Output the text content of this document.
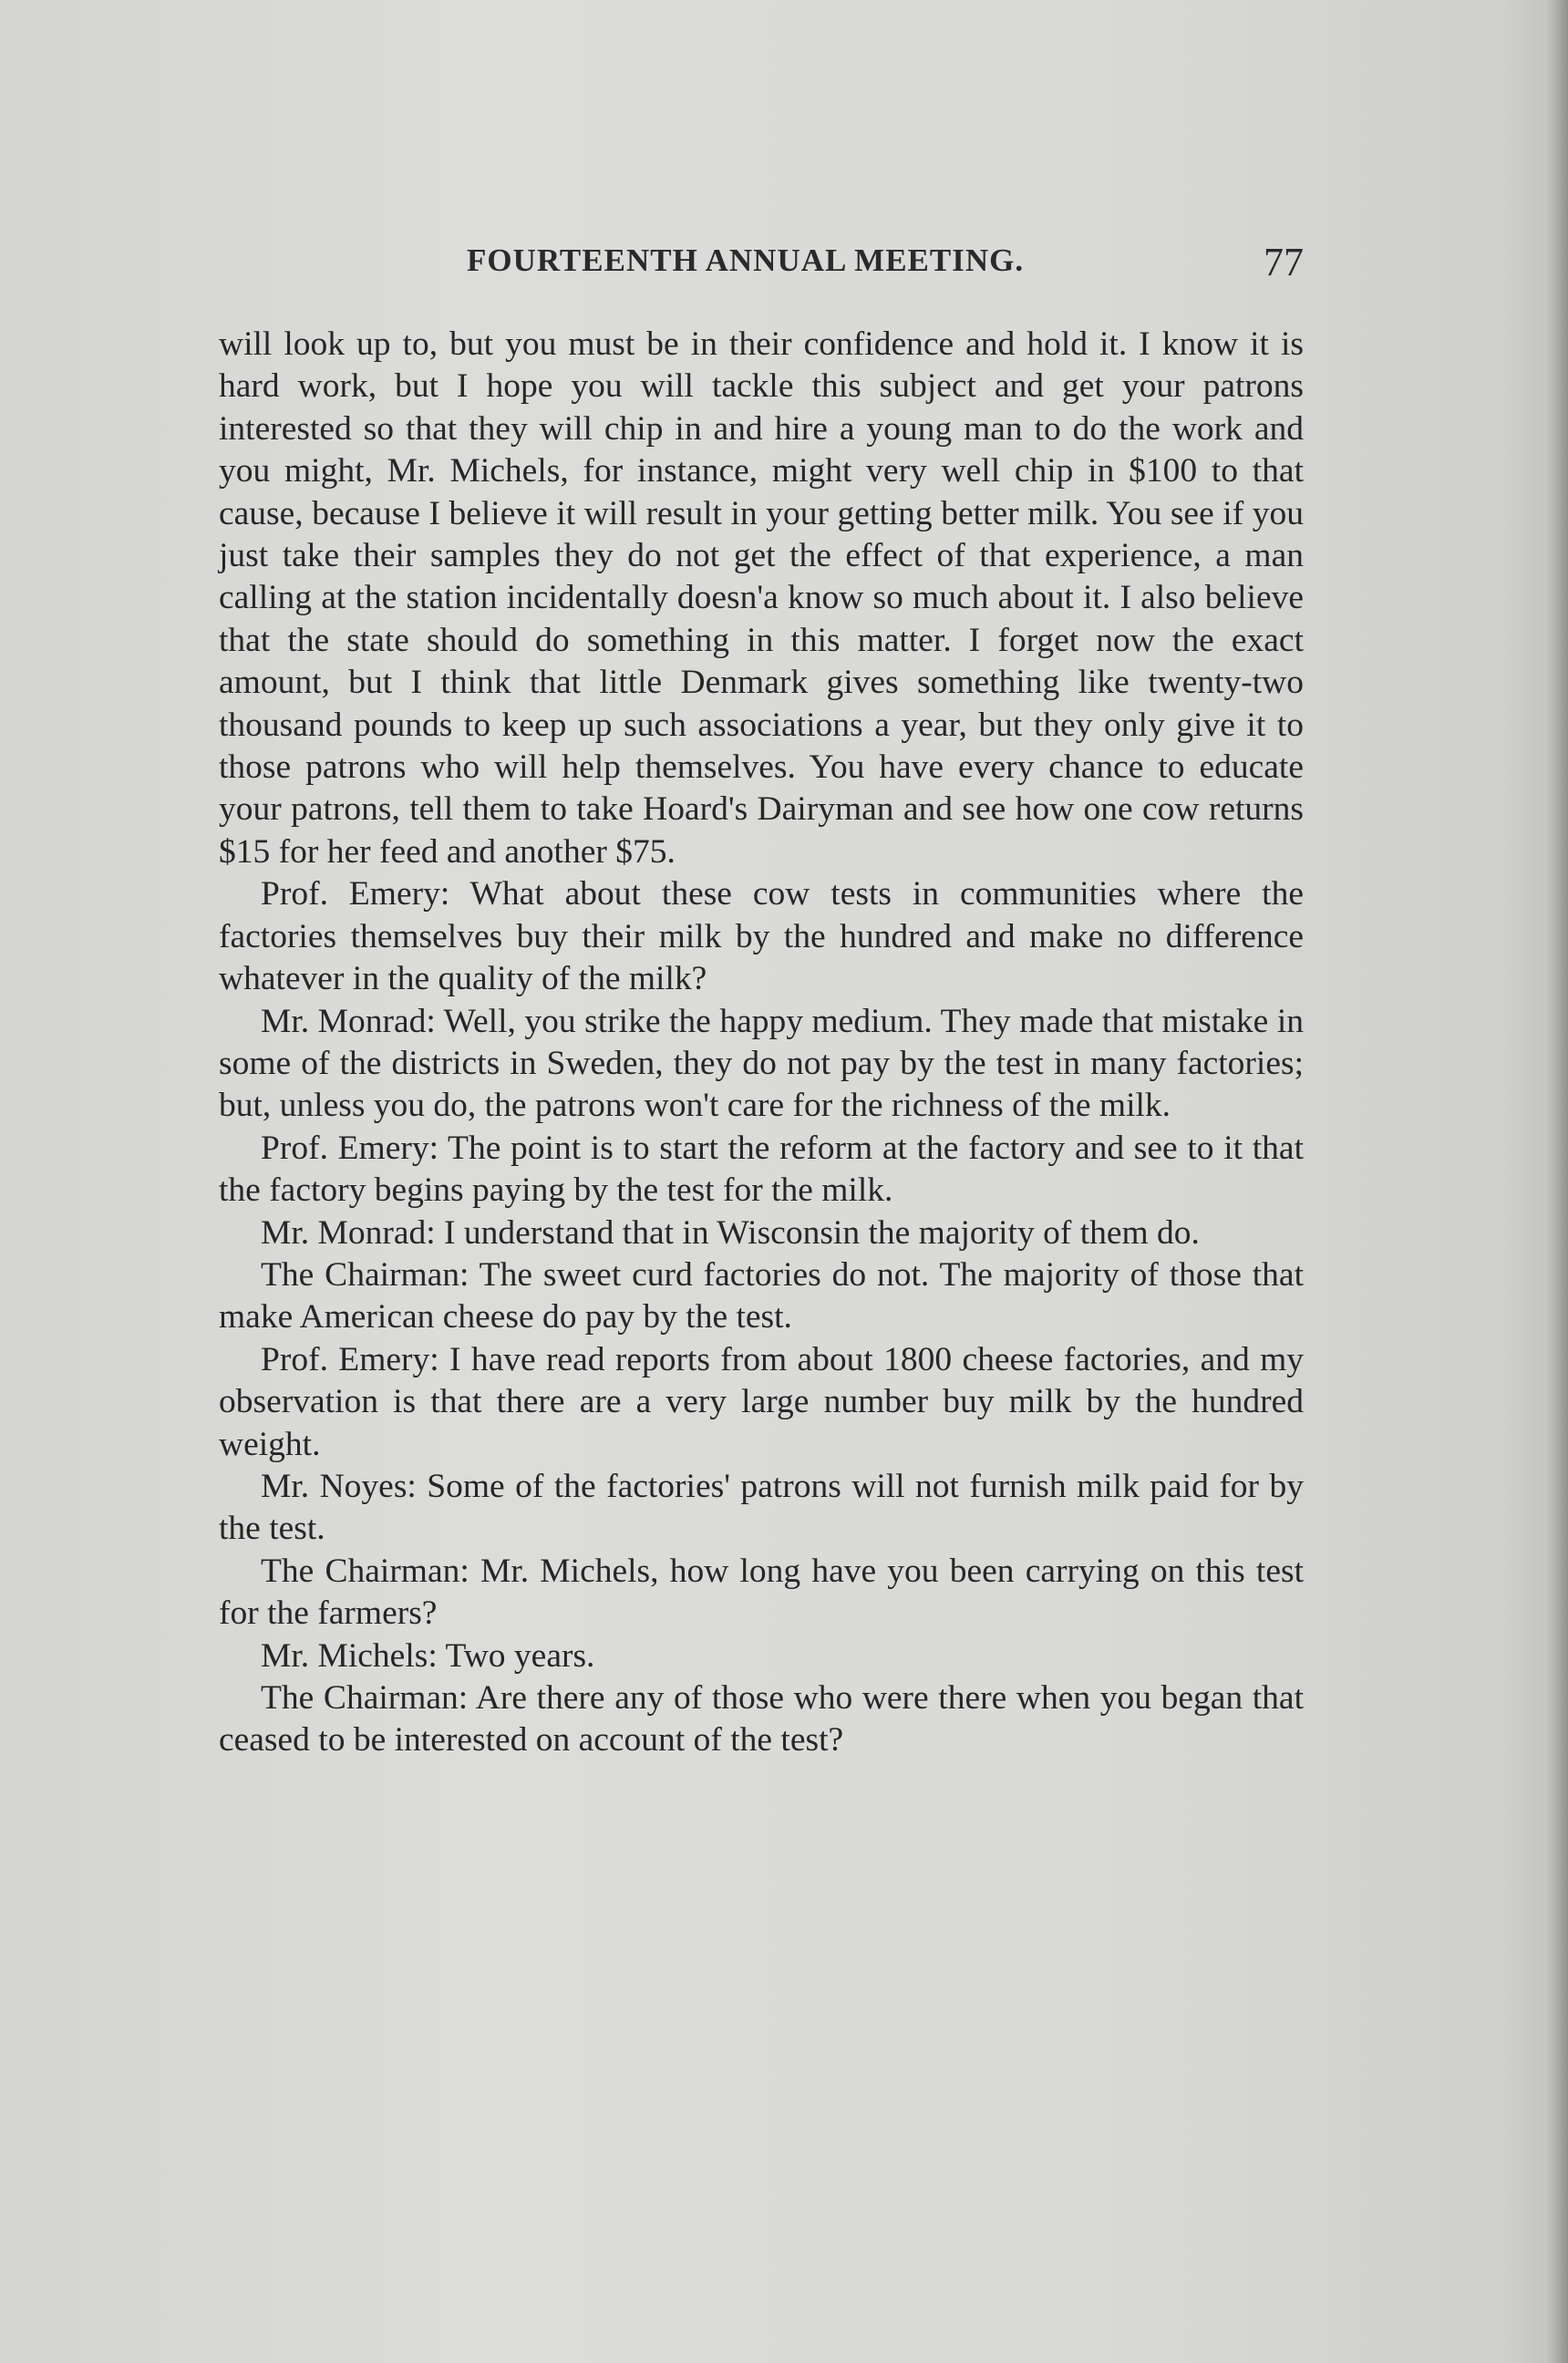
FOURTEENTH ANNUAL MEETING.	77

will look up to, but you must be in their confidence and hold it. I know it is hard work, but I hope you will tackle this subject and get your patrons interested so that they will chip in and hire a young man to do the work and you might, Mr. Michels, for instance, might very well chip in $100 to that cause, because I believe it will result in your getting better milk. You see if you just take their samples they do not get the effect of that experience, a man calling at the station incidentally doesn'a know so much about it. I also believe that the state should do something in this matter. I forget now the exact amount, but I think that little Denmark gives something like twenty-two thousand pounds to keep up such associations a year, but they only give it to those patrons who will help themselves. You have every chance to educate your patrons, tell them to take Hoard's Dairyman and see how one cow returns $15 for her feed and another $75.

Prof. Emery: What about these cow tests in communities where the factories themselves buy their milk by the hundred and make no difference whatever in the quality of the milk?

Mr. Monrad: Well, you strike the happy medium. They made that mistake in some of the districts in Sweden, they do not pay by the test in many factories; but, unless you do, the patrons won't care for the richness of the milk.

Prof. Emery: The point is to start the reform at the factory and see to it that the factory begins paying by the test for the milk.

Mr. Monrad: I understand that in Wisconsin the majority of them do.

The Chairman: The sweet curd factories do not. The majority of those that make American cheese do pay by the test.

Prof. Emery: I have read reports from about 1800 cheese factories, and my observation is that there are a very large number buy milk by the hundred weight.

Mr. Noyes: Some of the factories' patrons will not furnish milk paid for by the test.

The Chairman: Mr. Michels, how long have you been carrying on this test for the farmers?

Mr. Michels: Two years.

The Chairman: Are there any of those who were there when you began that ceased to be interested on account of the test?
